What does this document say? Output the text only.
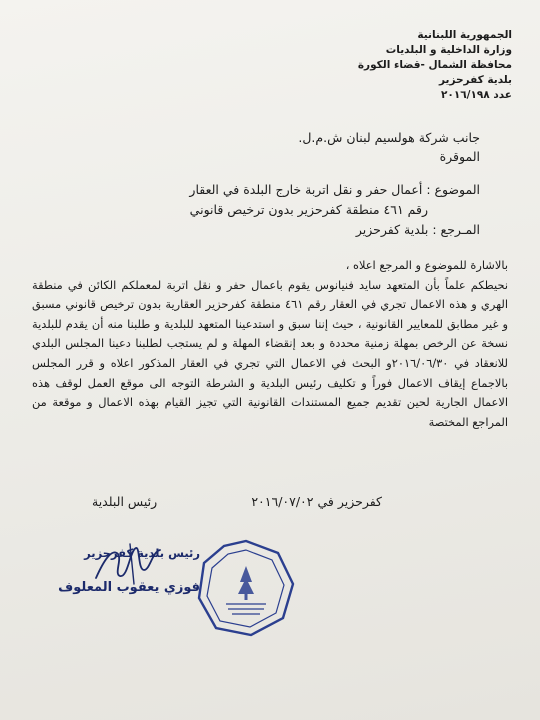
الجمهورية اللبنانية
وزارة الداخلية و البلديات
محافظة الشمال -قضاء الكورة
بلدية كفرحزير
عدد ٢٠١٦/١٩٨
جانب شركة هولسيم لبنان ش.م.ل.
الموقرة
الموضوع : أعمال حفر و نقل اتربة خارج البلدة في العقار
رقم ٤٦١ منطقة كفرحزير بدون ترخيص قانوني
المـرجع : بلدية كفرحزير

بالاشارة للموضوع و المرجع اعلاه ،

نحيطكم علماً بأن المتعهد سايد فنيانوس يقوم باعمال حفر و نقل اتربة لمعملكم الكائن في منطقة الهري و هذه الاعمال تجري في العقار رقم ٤٦١ منطقة كفرحزير العقارية بدون ترخيص قانوني مسبق و غير مطابق للمعايير القانونية ، حيث إننا سبق و استدعينا المتعهد للبلدية و طلبنا منه أن يقدم للبلدية نسخة عن الرخص بمهلة زمنية محددة و بعد إنقضاء المهلة و لم يستجب لطلبنا دعينا المجلس البلدي للانعقاد في ٢٠١٦/٠٦/٣٠و البحث في الاعمال التي تجري في العقار المذكور اعلاه و قرر المجلس بالاجماع إيقاف الاعمال فوراً و تكليف رئيس البلدية و الشرطة التوجه الى موقع العمل لوقف هذه الاعمال الجارية لحين تقديم جميع المستندات القانونية التي تجيز القيام بهذه الاعمال و موقعة من المراجع المختصة

كفرحزير في ٢٠١٦/٠٧/٠٢
رئيس البلدية
رئيس بلدية كفرحزير
فوزي يعقوب المعلوف
